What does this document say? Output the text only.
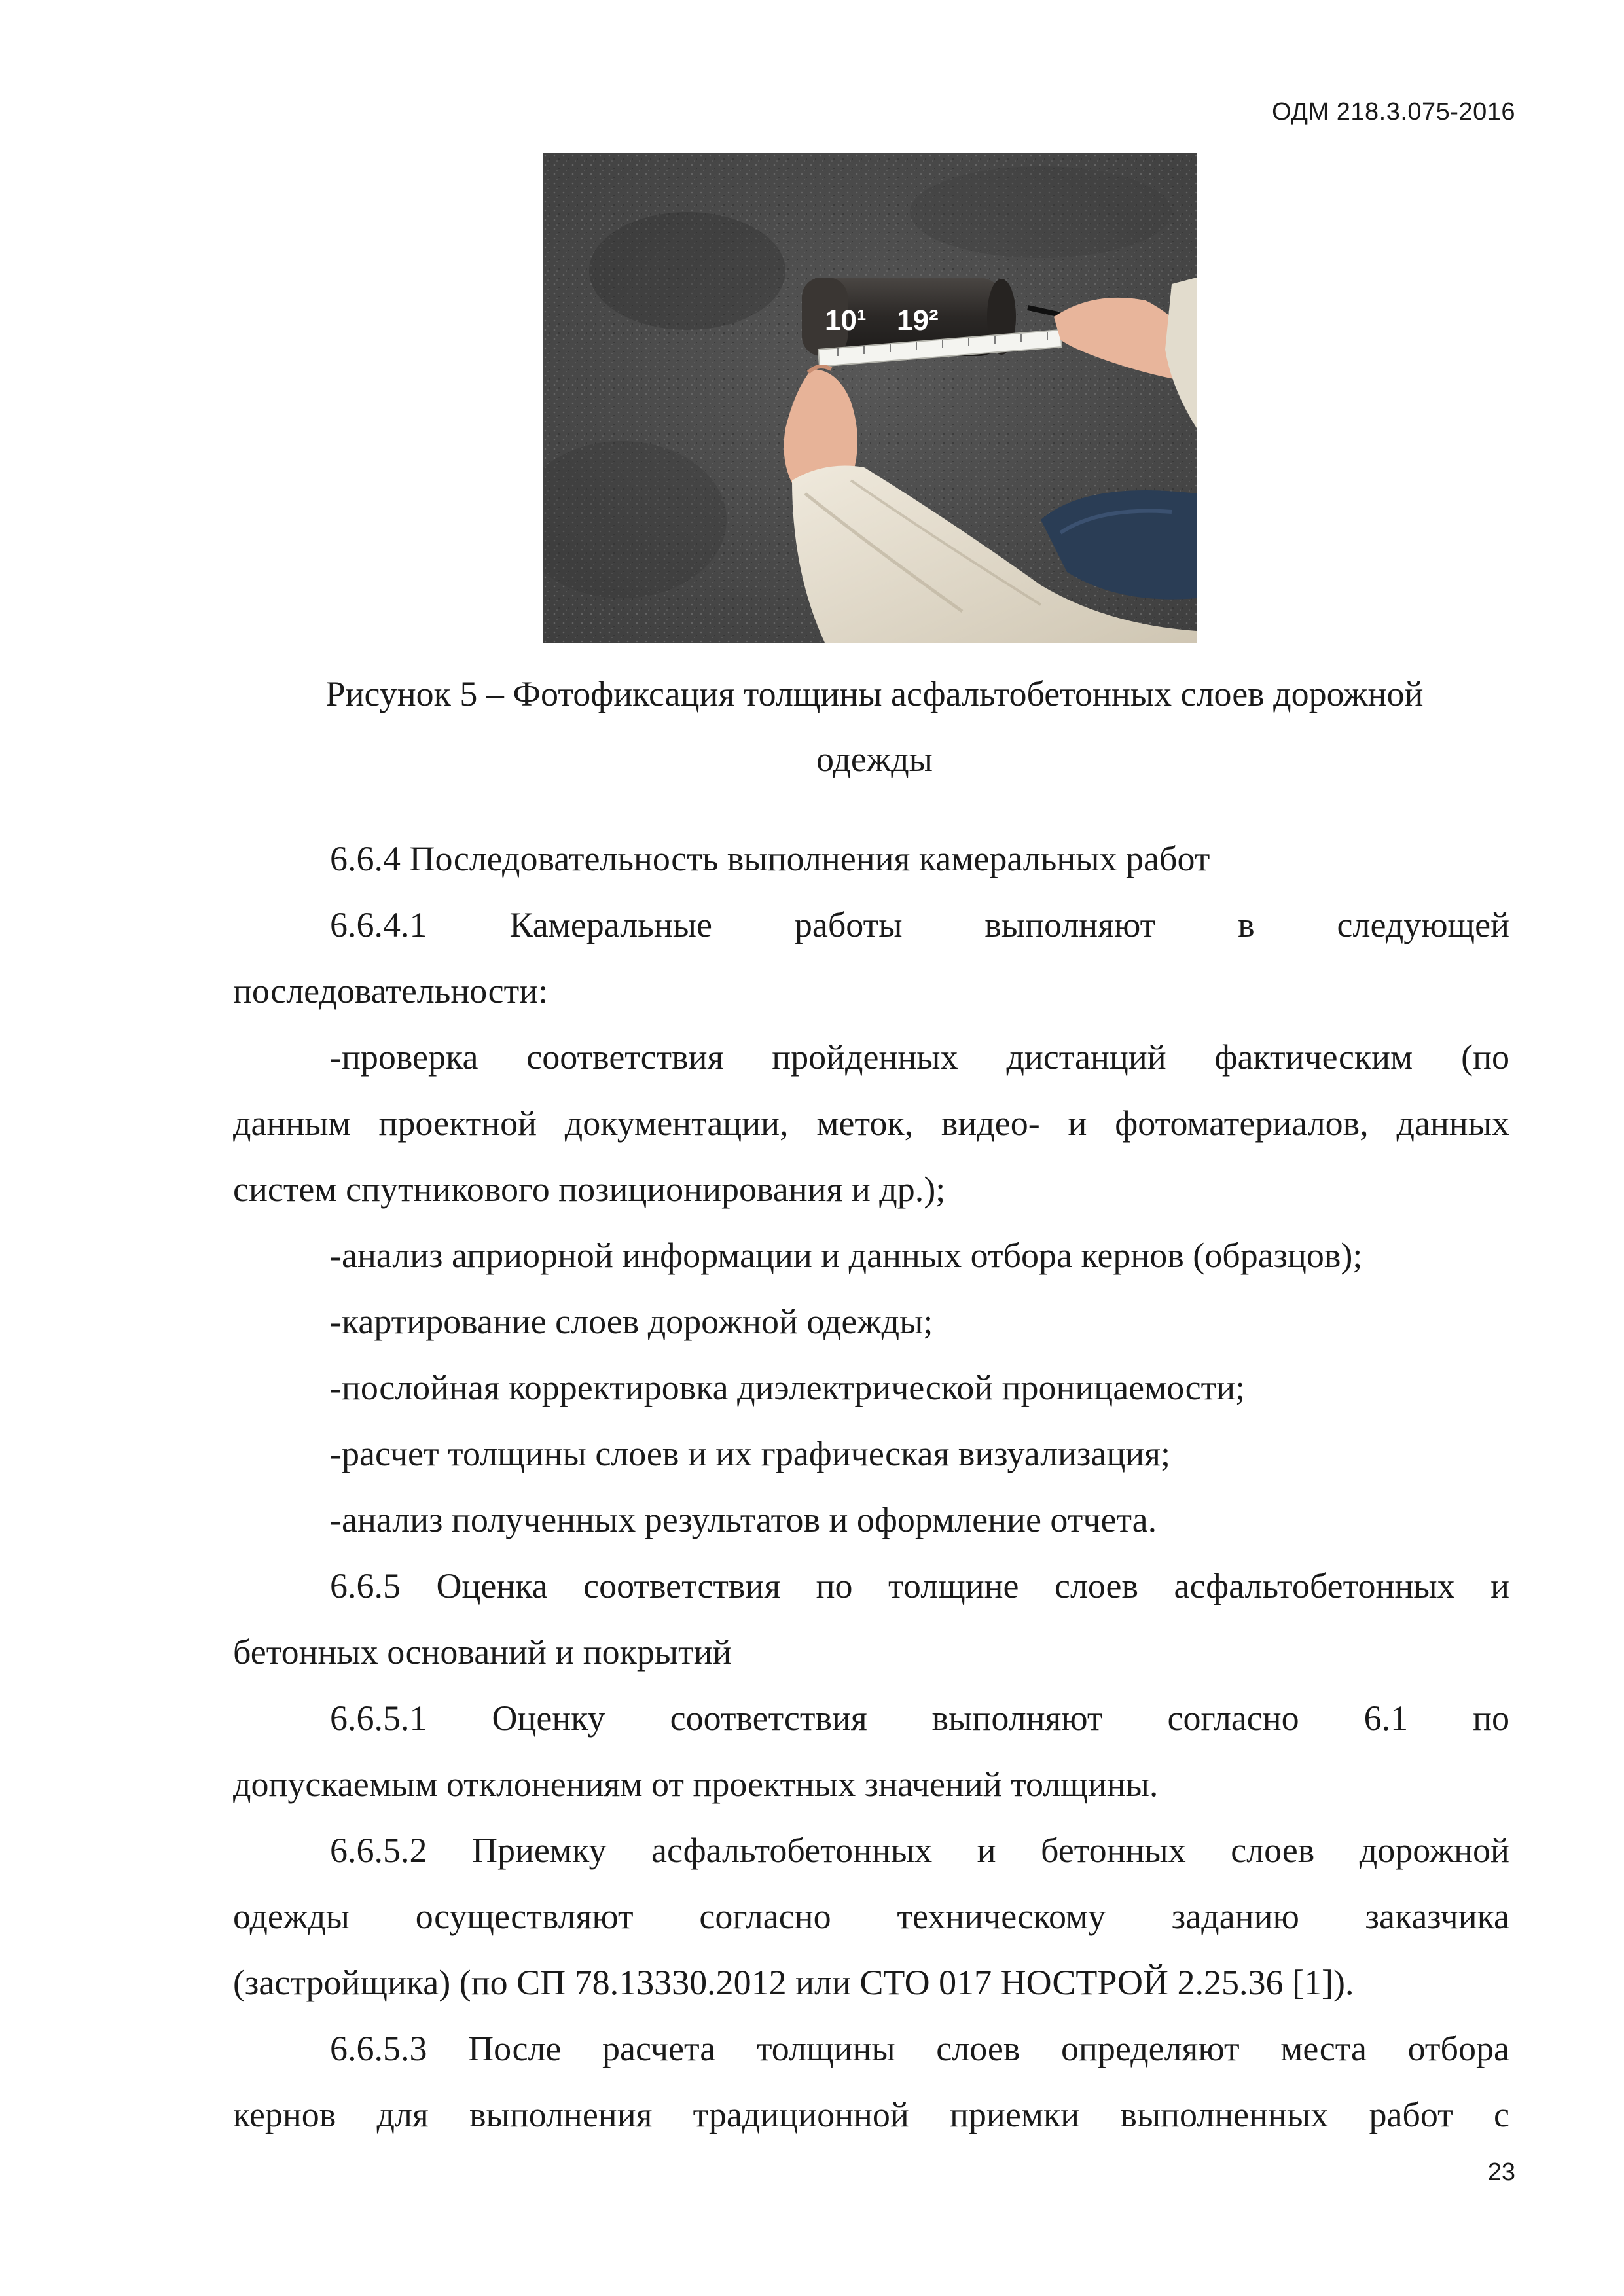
ОДМ 218.3.075-2016
10¹ 19²
Рисунок 5 – Фотофиксация толщины асфальтобетонных слоев дорожной
одежды
6.6.4 Последовательность выполнения камеральных работ
6.6.4.1 Камеральные работы выполняют в следующей
последовательности:
-проверка соответствия пройденных дистанций фактическим (по
данным проектной документации, меток, видео- и фотоматериалов, данных
систем спутникового позиционирования и др.);
-анализ априорной информации и данных отбора кернов (образцов);
-картирование слоев дорожной одежды;
-послойная корректировка диэлектрической проницаемости;
-расчет толщины слоев и их графическая визуализация;
-анализ полученных результатов и оформление отчета.
6.6.5 Оценка соответствия по толщине слоев асфальтобетонных и
бетонных оснований и покрытий
6.6.5.1 Оценку соответствия выполняют согласно 6.1 по
допускаемым отклонениям от проектных значений толщины.
6.6.5.2 Приемку асфальтобетонных и бетонных слоев дорожной
одежды осуществляют согласно техническому заданию заказчика
(застройщика) (по СП 78.13330.2012 или СТО 017 НОСТРОЙ 2.25.36 [1]).
6.6.5.3 После расчета толщины слоев определяют места отбора
кернов для выполнения традиционной приемки выполненных работ с
23
